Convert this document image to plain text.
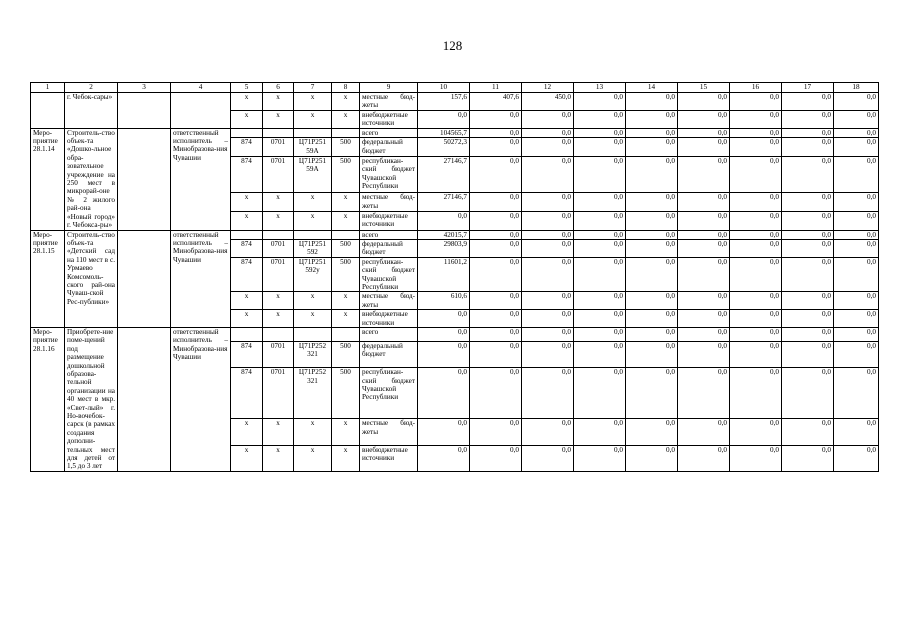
128
1	2	3	4	5	6	7	8	9	10	11	12	13	14	15	16	17	18
	г. Чебок-сары»			x	x	x	x	местные бюд-жеты	157,6	407,6	450,0	0,0	0,0	0,0	0,0	0,0	0,0
				x	x	x	x	внебюджетные источники	0,0	0,0	0,0	0,0	0,0	0,0	0,0	0,0	0,0
Меро-приятие 28.1.14	Строитель-ство объек-та «Дошко-льное обра-зовательное учреждение на 250 мест в микрорай-оне № 2 жилого рай-она «Новый город» г. Чебокса-ры»		ответственный исполнитель – Минобразова-ния Чувашии					всего	104565,7	0,0	0,0	0,0	0,0	0,0	0,0	0,0	0,0
				874	0701	Ц71Р251 59А	500	федеральный бюджет	50272,3	0,0	0,0	0,0	0,0	0,0	0,0	0,0	0,0
				874	0701	Ц71Р251 59А	500	республикан-ский бюджет Чувашской Республики	27146,7	0,0	0,0	0,0	0,0	0,0	0,0	0,0	0,0
				x	x	x	x	местные бюд-жеты	27146,7	0,0	0,0	0,0	0,0	0,0	0,0	0,0	0,0
				x	x	x	x	внебюджетные источники	0,0	0,0	0,0	0,0	0,0	0,0	0,0	0,0	0,0
Меро-приятие 28.1.15	Строитель-ство объек-та «Детский сад на 110 мест в с. Урмаево Комсомоль-ского рай-она Чуваш-ской Рес-публики»		ответственный исполнитель – Минобразова-ния Чувашии					всего	42015,7	0,0	0,0	0,0	0,0	0,0	0,0	0,0	0,0
				874	0701	Ц71Р251 592	500	федеральный бюджет	29803,9	0,0	0,0	0,0	0,0	0,0	0,0	0,0	0,0
				874	0701	Ц71Р251 592у	500	республикан-ский бюджет Чувашской Республики	11601,2	0,0	0,0	0,0	0,0	0,0	0,0	0,0	0,0
				x	x	x	x	местные бюд-жеты	610,6	0,0	0,0	0,0	0,0	0,0	0,0	0,0	0,0
				x	x	x	x	внебюджетные источники	0,0	0,0	0,0	0,0	0,0	0,0	0,0	0,0	0,0
Меро-приятие 28.1.16	Приобрете-ние поме-щений под размещение дошкольной образова-тельной организации на 40 мест в мкр. «Свет-лый» г. Но-вочебок-сарск (в рамках создания дополни-тельных мест для детей от 1,5 до 3 лет		ответственный исполнитель – Минобразова-ния Чувашии					всего	0,0	0,0	0,0	0,0	0,0	0,0	0,0	0,0	0,0
				874	0701	Ц71Р252 321	500	федеральный бюджет	0,0	0,0	0,0	0,0	0,0	0,0	0,0	0,0	0,0
				874	0701	Ц71Р252 321	500	республикан-ский бюджет Чувашской Республики	0,0	0,0	0,0	0,0	0,0	0,0	0,0	0,0	0,0
				x	x	x	x	местные бюд-жеты	0,0	0,0	0,0	0,0	0,0	0,0	0,0	0,0	0,0
				x	x	x	x	внебюджетные источники	0,0	0,0	0,0	0,0	0,0	0,0	0,0	0,0	0,0
